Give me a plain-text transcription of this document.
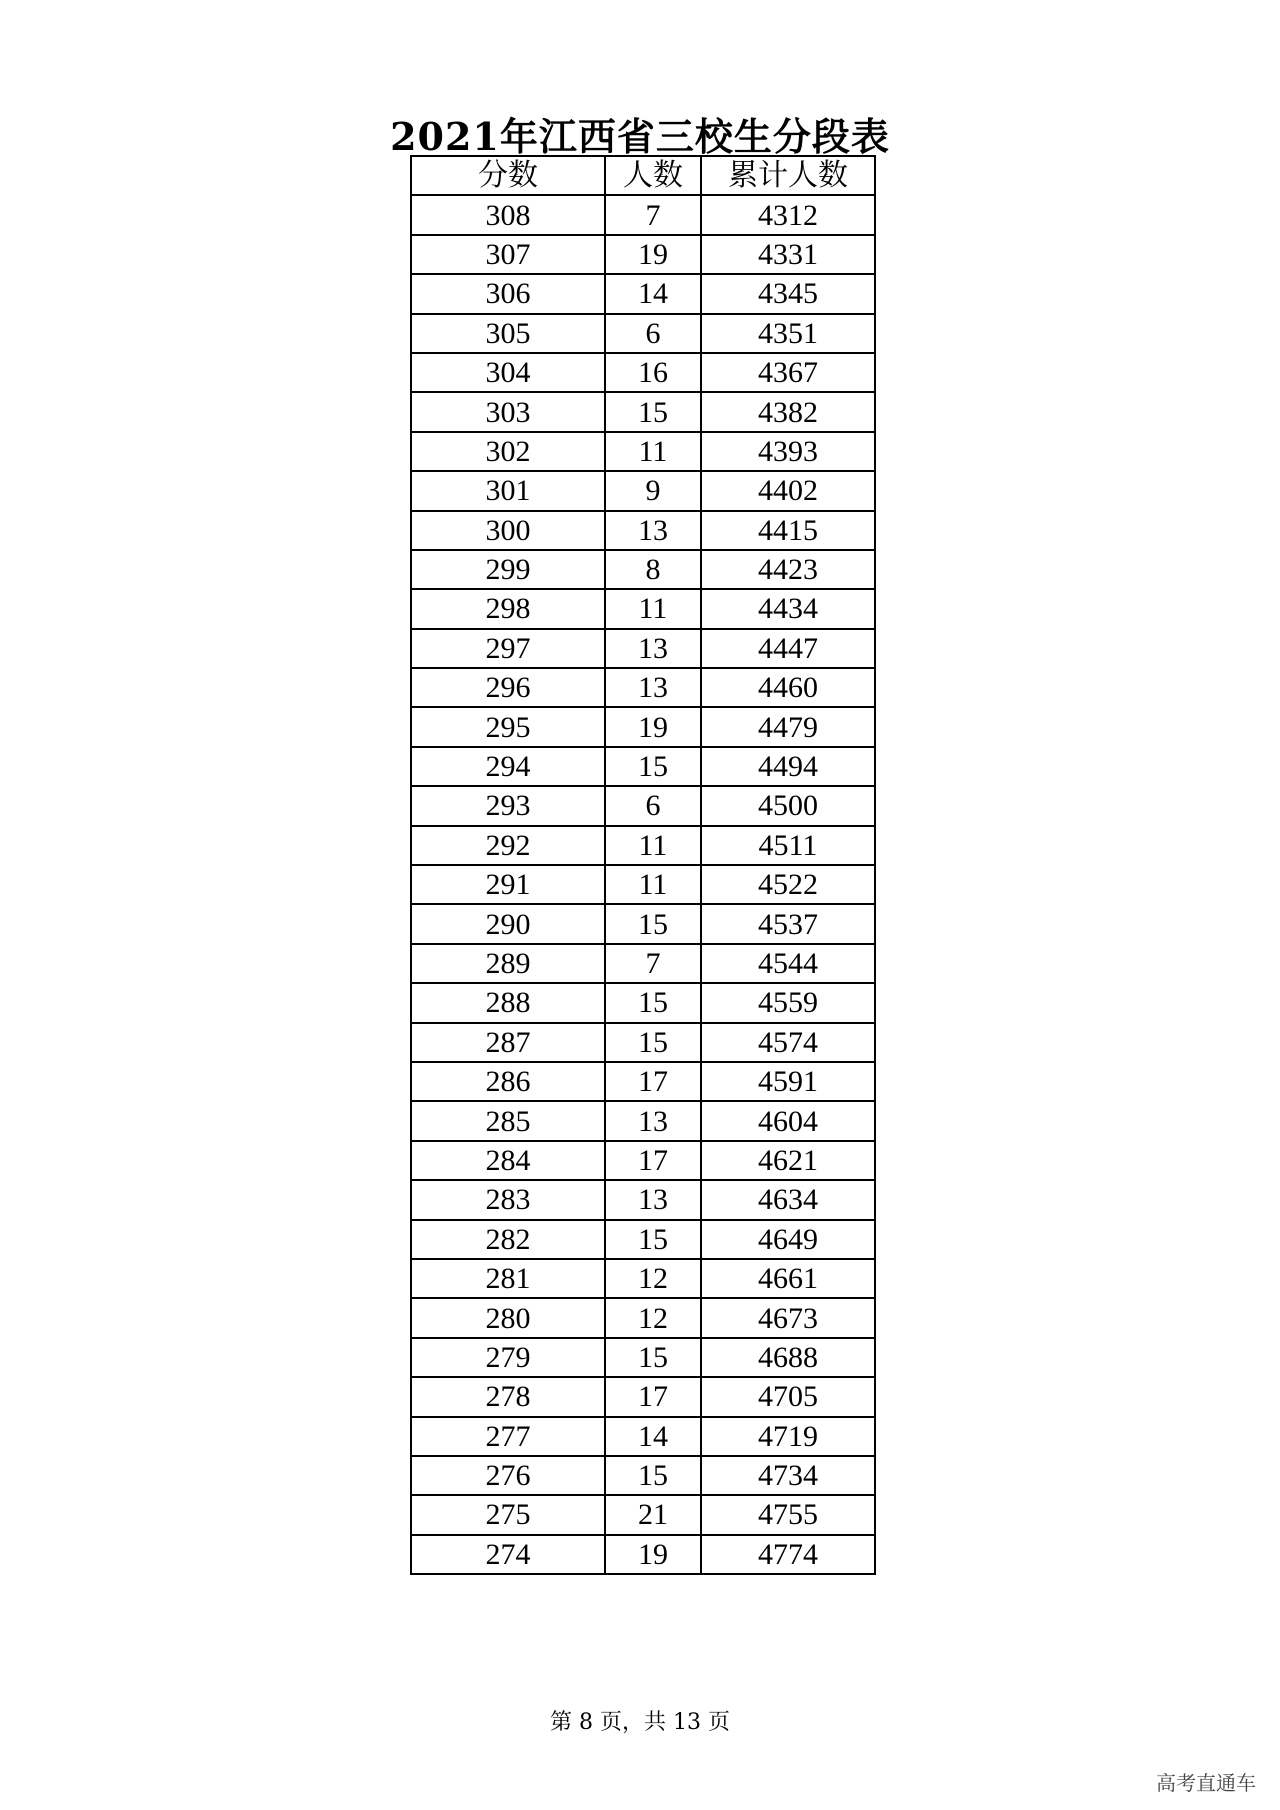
2021年江西省三校生分段表
分数	人数	累计人数
308	7	4312
307	19	4331
306	14	4345
305	6	4351
304	16	4367
303	15	4382
302	11	4393
301	9	4402
300	13	4415
299	8	4423
298	11	4434
297	13	4447
296	13	4460
295	19	4479
294	15	4494
293	6	4500
292	11	4511
291	11	4522
290	15	4537
289	7	4544
288	15	4559
287	15	4574
286	17	4591
285	13	4604
284	17	4621
283	13	4634
282	15	4649
281	12	4661
280	12	4673
279	15	4688
278	17	4705
277	14	4719
276	15	4734
275	21	4755
274	19	4774
第 8 页，共 13 页
高考直通车
